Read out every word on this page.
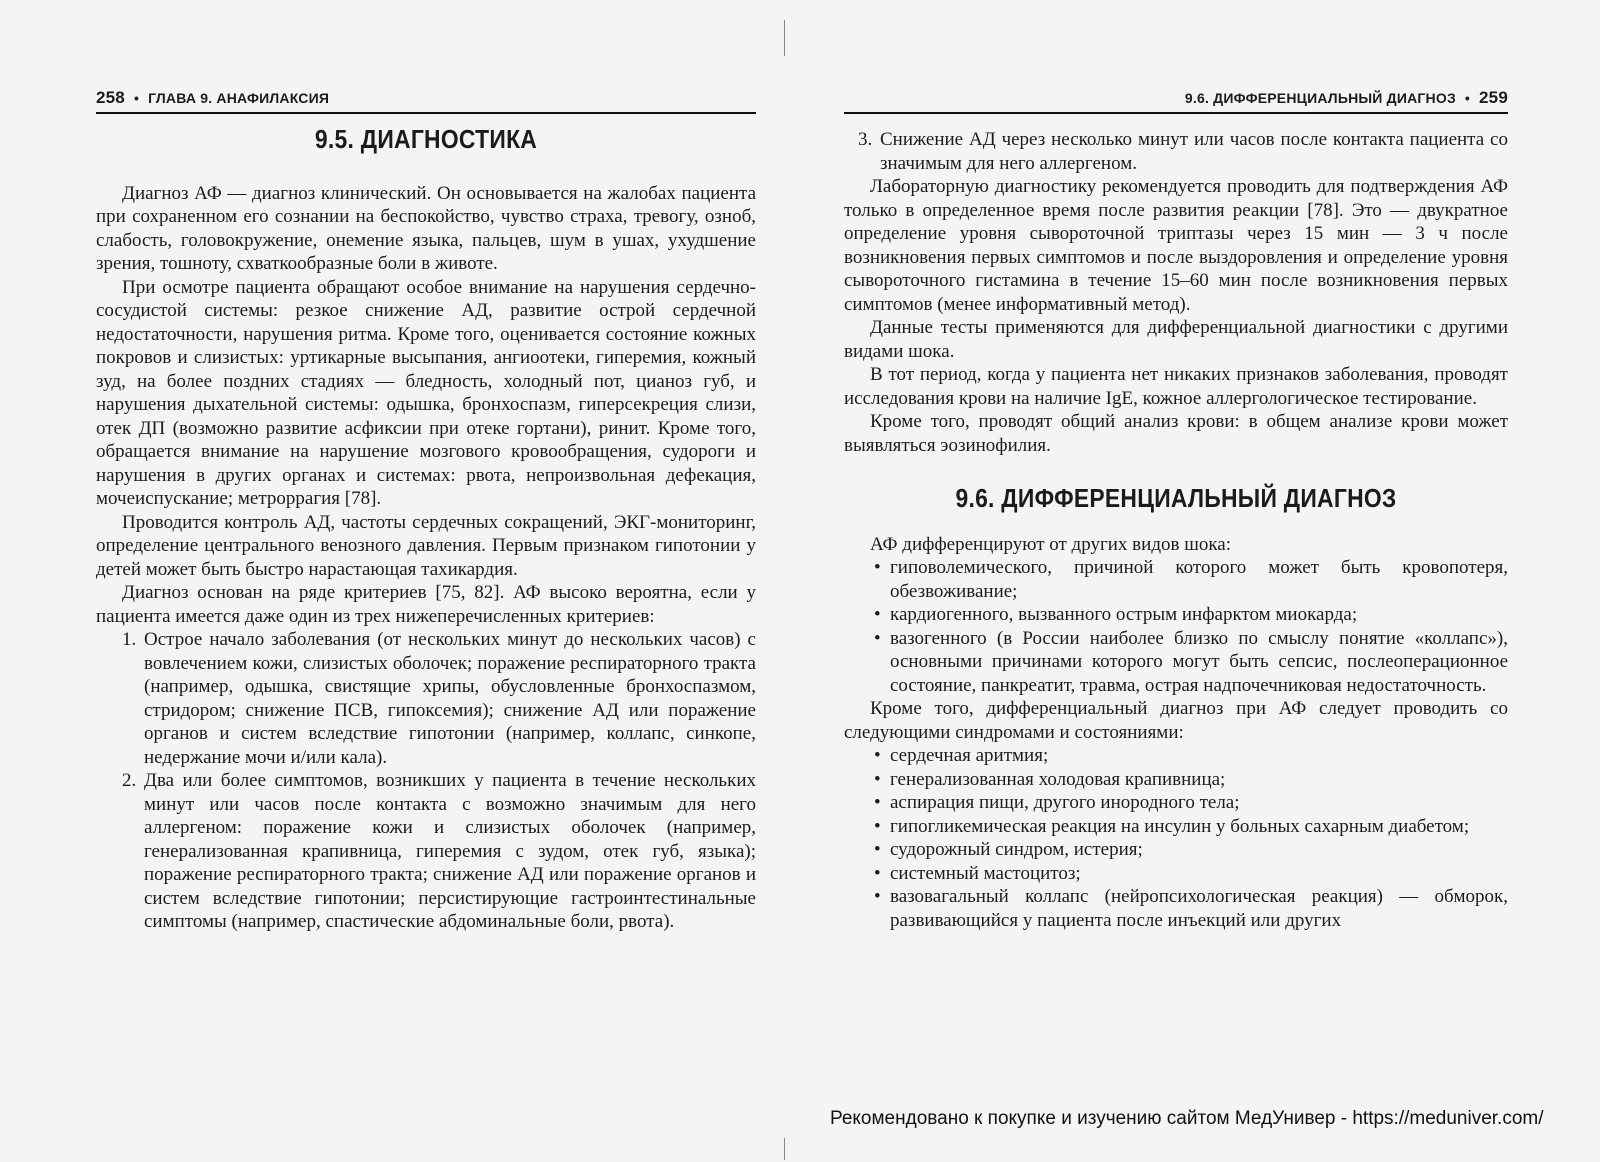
258 • ГЛАВА 9. АНАФИЛАКСИЯ
9.5. ДИАГНОСТИКА

Диагноз АФ — диагноз клинический. Он основывается на жалобах пациента при сохраненном его сознании на беспокойство, чувство страха, тревогу, озноб, слабость, головокружение, онемение языка, пальцев, шум в ушах, ухудшение зрения, тошноту, схваткообразные боли в животе.

При осмотре пациента обращают особое внимание на нарушения сердечно-сосудистой системы: резкое снижение АД, развитие острой сердечной недостаточности, нарушения ритма. Кроме того, оценивается состояние кожных покровов и слизистых: уртикарные высыпания, ангиоотеки, гиперемия, кожный зуд, на более поздних стадиях — бледность, холодный пот, цианоз губ, и нарушения дыхательной системы: одышка, бронхоспазм, гиперсекреция слизи, отек ДП (возможно развитие асфиксии при отеке гортани), ринит. Кроме того, обращается внимание на нарушение мозгового кровообращения, судороги и нарушения в других органах и системах: рвота, непроизвольная дефекация, мочеиспускание; метроррагия [78].

Проводится контроль АД, частоты сердечных сокращений, ЭКГ-мониторинг, определение центрального венозного давления. Первым признаком гипотонии у детей может быть быстро нарастающая тахикардия.

Диагноз основан на ряде критериев [75, 82]. АФ высоко вероятна, если у пациента имеется даже один из трех нижеперечисленных критериев:

1. Острое начало заболевания (от нескольких минут до нескольких часов) с вовлечением кожи, слизистых оболочек; поражение респираторного тракта (например, одышка, свистящие хрипы, обусловленные бронхоспазмом, стридором; снижение ПСВ, гипоксемия); снижение АД или поражение органов и систем вследствие гипотонии (например, коллапс, синкопе, недержание мочи и/или кала).
2. Два или более симптомов, возникших у пациента в течение нескольких минут или часов после контакта с возможно значимым для него аллергеном: поражение кожи и слизистых оболочек (например, генерализованная крапивница, гиперемия с зудом, отек губ, языка); поражение респираторного тракта; снижение АД или поражение органов и систем вследствие гипотонии; персистирующие гастроинтестинальные симптомы (например, спастические абдоминальные боли, рвота).
9.6. ДИФФЕРЕНЦИАЛЬНЫЙ ДИАГНОЗ • 259
3. Снижение АД через несколько минут или часов после контакта пациента со значимым для него аллергеном.

Лабораторную диагностику рекомендуется проводить для подтверждения АФ только в определенное время после развития реакции [78]. Это — двукратное определение уровня сывороточной триптазы через 15 мин — 3 ч после возникновения первых симптомов и после выздоровления и определение уровня сывороточного гистамина в течение 15–60 мин после возникновения первых симптомов (менее информативный метод).

Данные тесты применяются для дифференциальной диагностики с другими видами шока.

В тот период, когда у пациента нет никаких признаков заболевания, проводят исследования крови на наличие IgE, кожное аллергологическое тестирование.

Кроме того, проводят общий анализ крови: в общем анализе крови может выявляться эозинофилия.

9.6. ДИФФЕРЕНЦИАЛЬНЫЙ ДИАГНОЗ

АФ дифференцируют от других видов шока:

• гиповолемического, причиной которого может быть кровопотеря, обезвоживание;
• кардиогенного, вызванного острым инфарктом миокарда;
• вазогенного (в России наиболее близко по смыслу понятие «коллапс»), основными причинами которого могут быть сепсис, послеоперационное состояние, панкреатит, травма, острая надпочечниковая недостаточность.

Кроме того, дифференциальный диагноз при АФ следует проводить со следующими синдромами и состояниями:

• сердечная аритмия;
• генерализованная холодовая крапивница;
• аспирация пищи, другого инородного тела;
• гипогликемическая реакция на инсулин у больных сахарным диабетом;
• судорожный синдром, истерия;
• системный мастоцитоз;
• вазовагальный коллапс (нейропсихологическая реакция) — обморок, развивающийся у пациента после инъекций или других
Рекомендовано к покупке и изучению сайтом МедУнивер - https://meduniver.com/
